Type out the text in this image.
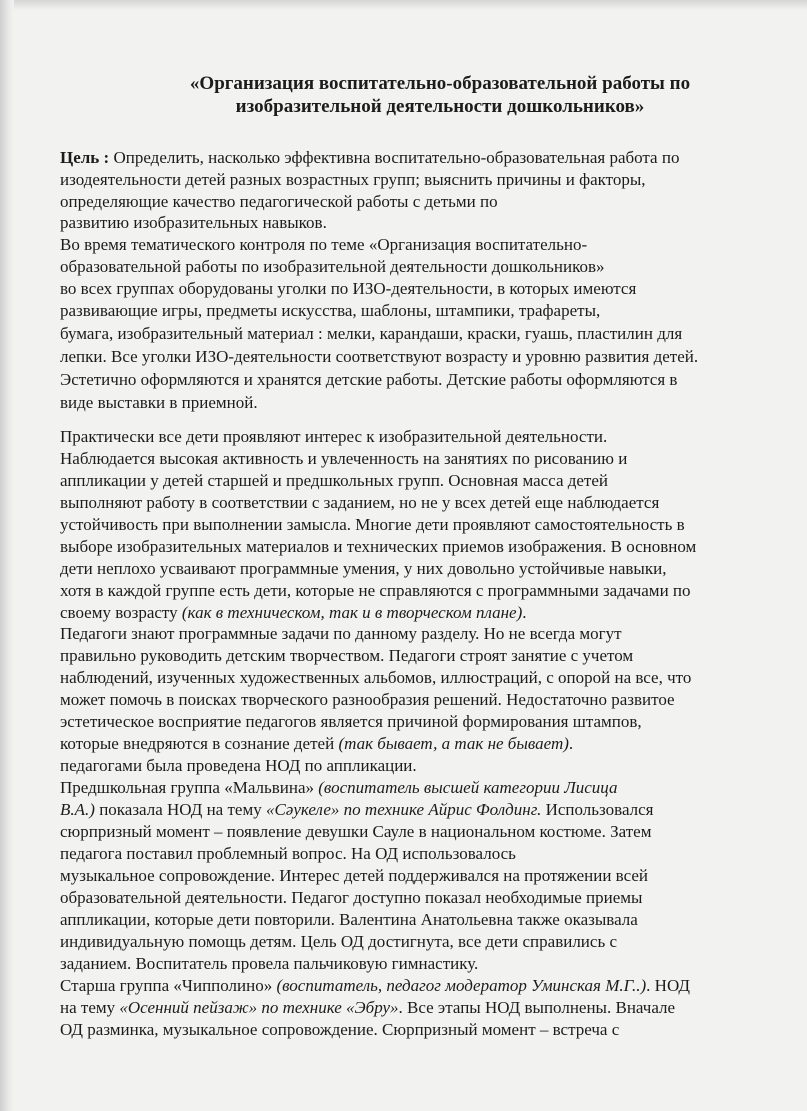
«Организация воспитательно-образовательной работы по
изобразительной деятельности дошкольников»
Цель : Определить, насколько эффективна воспитательно-образовательная работа по
изодеятельности детей разных возрастных групп; выяснить причины и факторы,
определяющие качество педагогической работы с детьми по
развитию изобразительных навыков.
Во время тематического контроля по теме «Организация воспитательно-
образовательной работы по изобразительной деятельности дошкольников»
во всех группах оборудованы уголки по ИЗО-деятельности, в которых имеются
развивающие игры, предметы искусства, шаблоны, штампики, трафареты,
бумага, изобразительный материал : мелки, карандаши, краски, гуашь, пластилин для
лепки. Все уголки ИЗО-деятельности соответствуют возрасту и уровню развития детей.
Эстетично оформляются и хранятся детские работы. Детские работы оформляются в
виде выставки в приемной.
Практически все дети проявляют интерес к изобразительной деятельности.
Наблюдается высокая активность и увлеченность на занятиях по рисованию и
аппликации у детей старшей и предшкольных групп. Основная масса детей
выполняют работу в соответствии с заданием, но не у всех детей еще наблюдается
устойчивость при выполнении замысла. Многие дети проявляют самостоятельность в
выборе изобразительных материалов и технических приемов изображения. В основном
дети неплохо усваивают программные умения, у них довольно устойчивые навыки,
хотя в каждой группе есть дети, которые не справляются с программными задачами по
своему возрасту (как в техническом, так и в творческом плане).
Педагоги знают программные задачи по данному разделу. Но не всегда могут
правильно руководить детским творчеством. Педагоги строят занятие с учетом
наблюдений, изученных художественных альбомов, иллюстраций, с опорой на все, что
может помочь в поисках творческого разнообразия решений. Недостаточно развитое
эстетическое восприятие педагогов является причиной формирования штампов,
которые внедряются в сознание детей (так бывает, а так не бывает).
педагогами была проведена НОД по аппликации.
Предшкольная группа «Мальвина» (воспитатель высшей категории Лисица
В.А.) показала НОД на тему «Сәукеле» по технике Айрис Фолдинг. Использовался
сюрпризный момент – появление девушки Сауле в национальном костюме. Затем
педагога поставил проблемный вопрос. На ОД использовалось
музыкальное сопровождение. Интерес детей поддерживался на протяжении всей
образовательной деятельности. Педагог доступно показал необходимые приемы
аппликации, которые дети повторили. Валентина Анатольевна также оказывала
индивидуальную помощь детям. Цель ОД достигнута, все дети справились с
заданием. Воспитатель провела пальчиковую гимнастику.
Старша группа «Чипполино» (воспитатель, педагог модератор Уминская М.Г..). НОД
на тему «Осенний пейзаж» по технике «Эбру». Все этапы НОД выполнены. Вначале
ОД разминка, музыкальное сопровождение. Сюрпризный момент – встреча с
